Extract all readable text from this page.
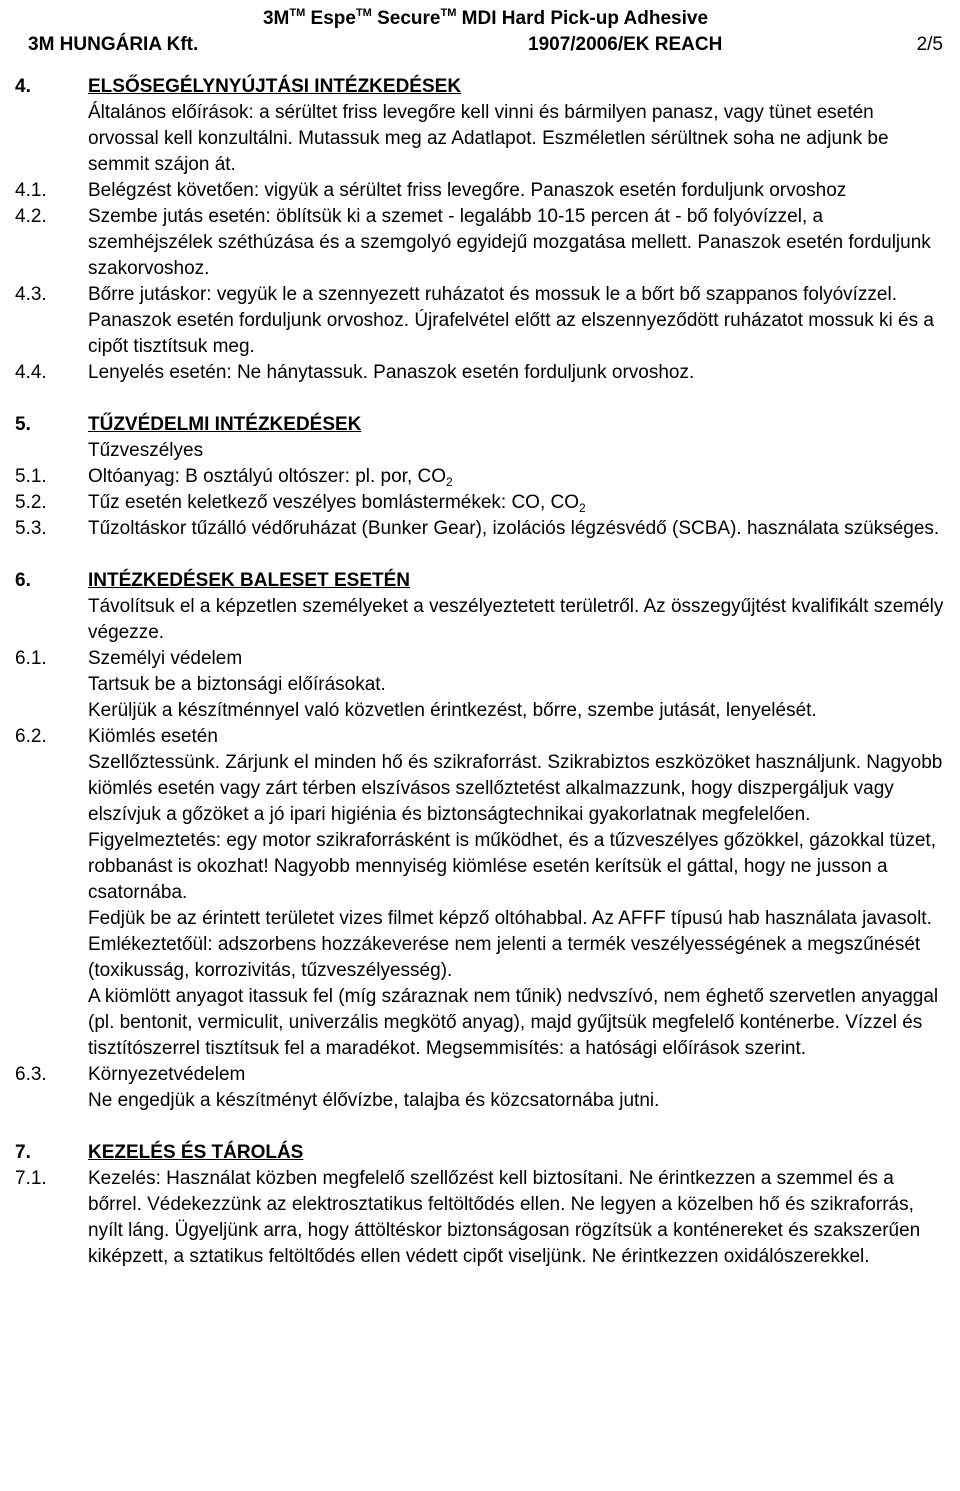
3M™ Espe™ Secure™ MDI Hard Pick-up Adhesive
3M HUNGÁRIA Kft.	1907/2006/EK REACH	2/5
4.	ELSŐSEGÉLYNYÚJTÁSI INTÉZKEDÉSEK
Általános előírások: a sérültet friss levegőre kell vinni és bármilyen panasz, vagy tünet esetén orvossal kell konzultálni. Mutassuk meg az Adatlapot. Eszméletlen sérültnek soha ne adjunk be semmit szájon át.
4.1.	Belégzést követően: vigyük a sérültet friss levegőre. Panaszok esetén forduljunk orvoshoz
4.2.	Szembe jutás esetén: öblítsük ki a szemet - legalább 10-15 percen át - bő folyóvízzel, a szemhéjszélek széthúzása és a szemgolyó egyidejű mozgatása mellett. Panaszok esetén forduljunk szakorvoshoz.
4.3.	Bőrre jutáskor: vegyük le a szennyezett ruházatot és mossuk le a bőrt bő szappanos folyóvízzel. Panaszok esetén forduljunk orvoshoz. Újrafelvétel előtt az elszennyeződött ruházatot mossuk ki és a cipőt tisztítsuk meg.
4.4.	Lenyelés esetén: Ne hánytassuk. Panaszok esetén forduljunk orvoshoz.
5.	TŰZVÉDELMI INTÉZKEDÉSEK
Tűzveszélyes
5.1.	Oltóanyag: B osztályú oltószer: pl. por, $CO_2$
5.2.	Tűz esetén keletkező veszélyes bomlástermékek: CO, $CO_2$
5.3.	Tűzoltáskor tűzálló védőruházat (Bunker Gear), izolációs légzésvédő (SCBA). használata szükséges.
6.	INTÉZKEDÉSEK BALESET ESETÉN
Távolítsuk el a képzetlen személyeket a veszélyeztetett területről. Az összegyűjtést kvalifikált személy végezze.
6.1.	Személyi védelem
Tartsuk be a biztonsági előírásokat.
Kerüljük a készítménnyel való közvetlen érintkezést, bőrre, szembe jutását, lenyelését.
6.2.	Kiömlés esetén
Szellőztessünk. Zárjunk el minden hő és szikraforrást. Szikrabiztos eszközöket használjunk. Nagyobb kiömlés esetén vagy zárt térben elszívásos szellőztetést alkalmazzunk, hogy diszpergáljuk vagy elszívjuk a gőzöket a jó ipari higiénia és biztonságtechnikai gyakorlatnak megfelelően. Figyelmeztetés: egy motor szikraforrásként is működhet, és a tűzveszélyes gőzökkel, gázokkal tüzet, robbanást is okozhat! Nagyobb mennyiség kiömlése esetén kerítsük el gáttal, hogy ne jusson a csatornába.
Fedjük be az érintett területet vizes filmet képző oltóhabbal. Az AFFF típusú hab használata javasolt.
Emlékeztetőül: adszorbens hozzákeverése nem jelenti a termék veszélyességének a megszűnését (toxikusság, korrozivitás, tűzveszélyesség).
A kiömlött anyagot itassuk fel (míg száraznak nem tűnik) nedvszívó, nem éghető szervetlen anyaggal (pl. bentonit, vermiculit, univerzális megkötő anyag), majd gyűjtsük megfelelő konténerbe. Vízzel és tisztítószerrel tisztítsuk fel a maradékot. Megsemmisítés: a hatósági előírások szerint.
6.3.	Környezetvédelem
Ne engedjük a készítményt élővízbe, talajba és közcsatornába jutni.
7.	KEZELÉS ÉS TÁROLÁS
7.1.	Kezelés: Használat közben megfelelő szellőzést kell biztosítani. Ne érintkezzen a szemmel és a bőrrel. Védekezzünk az elektrosztatikus feltöltődés ellen. Ne legyen a közelben hő és szikraforrás, nyílt láng. Ügyeljünk arra, hogy áttöltéskor biztonságosan rögzítsük a konténereket és szakszerűen kiképzett, a sztatikus feltöltődés ellen védett cipőt viseljünk. Ne érintkezzen oxidálószerekkel.
